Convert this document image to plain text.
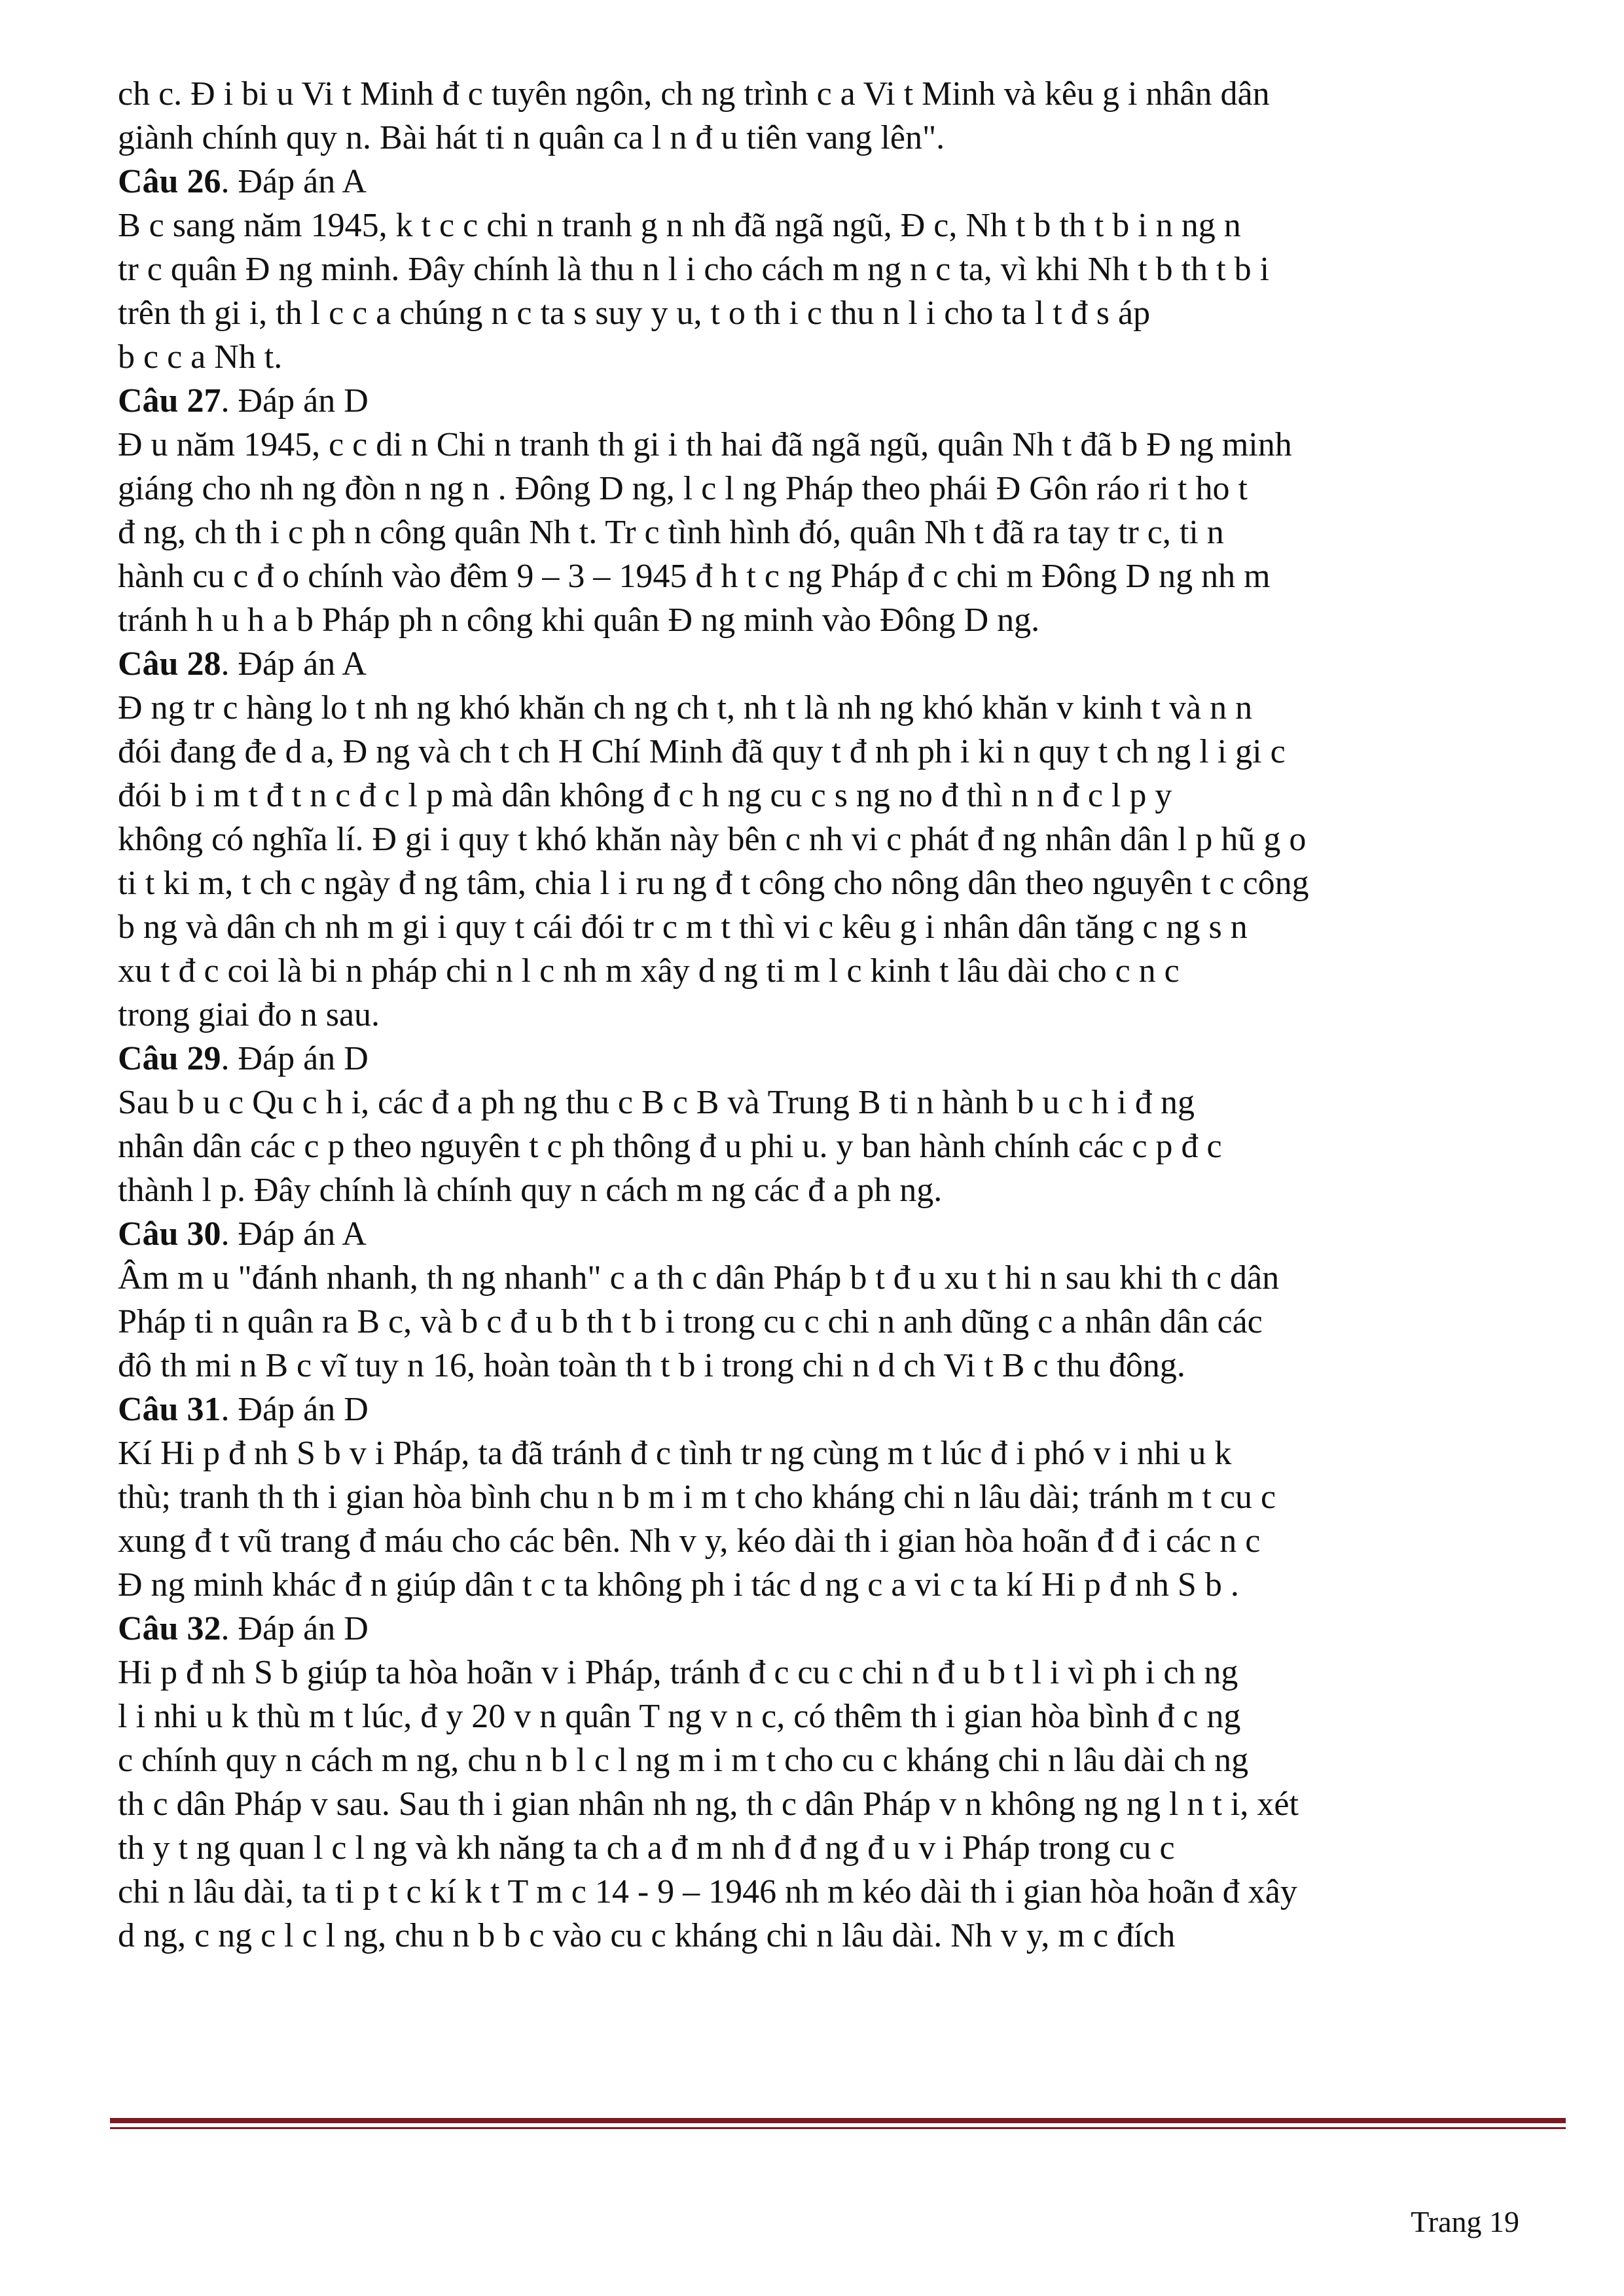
ch c. Đ i bi u Vi t Minh đ c tuyên ngôn, ch ng trình c a Vi t Minh và kêu g i nhân dân

giành chính quy n. Bài hát ti n quân ca l n đ u tiên vang lên".

Câu 26. Đáp án A

B c sang năm 1945, k t c c chi n tranh g n nh đã ngã ngũ, Đ c, Nh t b th t b i n ng n

tr c quân Đ ng minh. Đây chính là thu n l i cho cách m ng n c ta, vì khi Nh t b th t b i

trên th gi i, th l c c a chúng n c ta s suy y u, t o th i c thu n l i cho ta l t đ s áp

b c c a Nh t.

Câu 27. Đáp án D

Đ u năm 1945, c c di n Chi n tranh th gi i th hai đã ngã ngũ, quân Nh t đã b Đ ng minh

giáng cho nh ng đòn n ng n . Đông D ng, l c l ng Pháp theo phái Đ Gôn ráo ri t ho t

đ ng, ch th i c ph n công quân Nh t. Tr c tình hình đó, quân Nh t đã ra tay tr c, ti n

hành cu c đ o chính vào đêm 9 – 3 – 1945 đ h t c ng Pháp đ c chi m Đông D ng nh m

tránh h u h a b Pháp ph n công khi quân Đ ng minh vào Đông D ng.

Câu 28. Đáp án A

Đ ng tr c hàng lo t nh ng khó khăn ch ng ch t, nh t là nh ng khó khăn v kinh t và n n

đói đang đe d a, Đ ng và ch t ch H Chí Minh đã quy t đ nh ph i ki n quy t ch ng l i gi c

đói b i m t đ t n c đ c l p mà dân không đ c h ng cu c s ng no đ thì n n đ c l p y

không có nghĩa lí. Đ gi i quy t khó khăn này bên c nh vi c phát đ ng nhân dân l p hũ g o

ti t ki m, t ch c ngày đ ng tâm, chia l i ru ng đ t công cho nông dân theo nguyên t c công

b ng và dân ch nh m gi i quy t cái đói tr c m t thì vi c kêu g i nhân dân tăng c ng s n

xu t đ c coi là bi n pháp chi n l c nh m xây d ng ti m l c kinh t lâu dài cho c n c

trong giai đo n sau.

Câu 29. Đáp án D

Sau b u c Qu c h i, các đ a ph ng thu c B c B và Trung B ti n hành b u c h i đ ng

nhân dân các c p theo nguyên t c ph thông đ u phi u. y ban hành chính các c p đ c

thành l p. Đây chính là chính quy n cách m ng các đ a ph ng.

Câu 30. Đáp án A

Âm m u "đánh nhanh, th ng nhanh" c a th c dân Pháp b t đ u xu t hi n sau khi th c dân

Pháp ti n quân ra B c, và b c đ u b th t b i trong cu c chi n anh dũng c a nhân dân các

đô th mi n B c vĩ tuy n 16, hoàn toàn th t b i trong chi n d ch Vi t B c thu đông.

Câu 31. Đáp án D

Kí Hi p đ nh S b v i Pháp, ta đã tránh đ c tình tr ng cùng m t lúc đ i phó v i nhi u k

thù; tranh th th i gian hòa bình chu n b m i m t cho kháng chi n lâu dài; tránh m t cu c

xung đ t vũ trang đ máu cho các bên. Nh v y, kéo dài th i gian hòa hoãn đ đ i các n c

Đ ng minh khác đ n giúp dân t c ta không ph i tác d ng c a vi c ta kí Hi p đ nh S b .

Câu 32. Đáp án D

Hi p đ nh S b giúp ta hòa hoãn v i Pháp, tránh đ c cu c chi n đ u b t l i vì ph i ch ng

l i nhi u k thù m t lúc, đ y 20 v n quân T ng v n c, có thêm th i gian hòa bình đ c ng

c chính quy n cách m ng, chu n b l c l ng m i m t cho cu c kháng chi n lâu dài ch ng

th c dân Pháp v sau. Sau th i gian nhân nh ng, th c dân Pháp v n không ng ng l n t i, xét

th y t ng quan l c l ng và kh năng ta ch a đ m nh đ đ ng đ u v i Pháp trong cu c

chi n lâu dài, ta ti p t c kí k t T m c 14 - 9 – 1946 nh m kéo dài th i gian hòa hoãn đ xây

d ng, c ng c l c l ng, chu n b b c vào cu c kháng chi n lâu dài. Nh v y, m c đích

Trang 19
